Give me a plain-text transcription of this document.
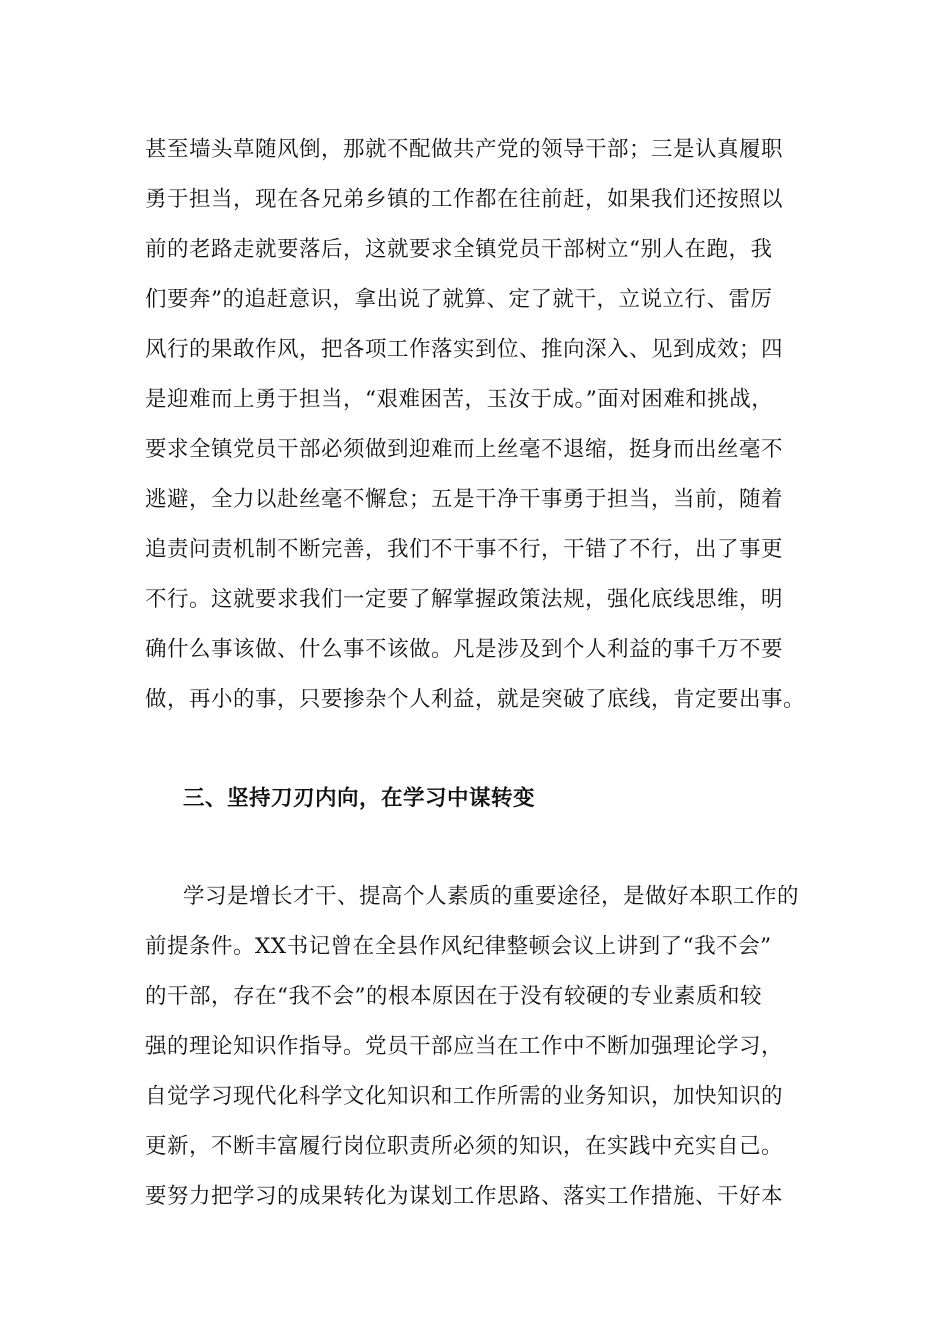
甚至墙头草随风倒，那就不配做共产党的领导干部；三是认真履职
勇于担当，现在各兄弟乡镇的工作都在往前赶，如果我们还按照以
前的老路走就要落后，这就要求全镇党员干部树立“别人在跑，我
们要奔”的追赶意识，拿出说了就算、定了就干，立说立行、雷厉
风行的果敢作风，把各项工作落实到位、推向深入、见到成效；四
是迎难而上勇于担当，“艰难困苦，玉汝于成。”面对困难和挑战，
要求全镇党员干部必须做到迎难而上丝毫不退缩，挺身而出丝毫不
逃避，全力以赴丝毫不懈怠；五是干净干事勇于担当，当前，随着
追责问责机制不断完善，我们不干事不行，干错了不行，出了事更
不行。这就要求我们一定要了解掌握政策法规，强化底线思维，明
确什么事该做、什么事不该做。凡是涉及到个人利益的事千万不要
做，再小的事，只要掺杂个人利益，就是突破了底线，肯定要出事。
三、坚持刀刃内向，在学习中谋转变
学习是增长才干、提高个人素质的重要途径，是做好本职工作的
前提条件。XX书记曾在全县作风纪律整顿会议上讲到了“我不会”
的干部，存在“我不会”的根本原因在于没有较硬的专业素质和较
强的理论知识作指导。党员干部应当在工作中不断加强理论学习，
自觉学习现代化科学文化知识和工作所需的业务知识，加快知识的
更新，不断丰富履行岗位职责所必须的知识，在实践中充实自己。
要努力把学习的成果转化为谋划工作思路、落实工作措施、干好本
